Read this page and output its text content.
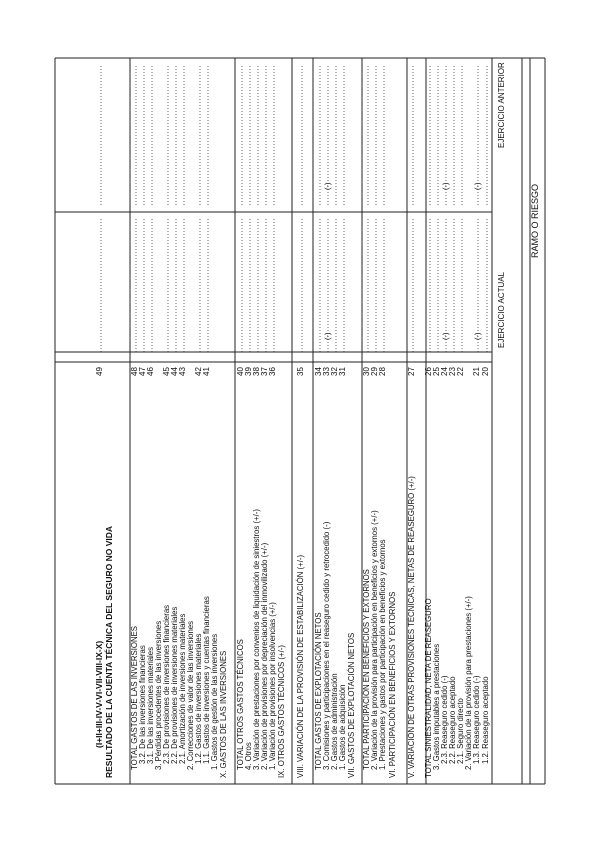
RAMO O RIESGO
EJERCICIO ACTUAL
EJERCICIO ANTERIOR
1.2. Reaseguro aceptado
20
1.3. Reaseguro cedido (-)
21
(-)
(-)
2. Variación de la provisión para prestaciones (+/-)
2.1. Seguro directo
22
2.2. Reaseguro aceptado
23
2.3. Reaseguro cedido (-)
24
(-)
(-)
3. Gastos imputables a prestaciones
25
TOTAL SINIESTRALIDAD, NETA DE REASEGURO
26
V. VARIACIÓN DE OTRAS PROVISIONES TÉCNICAS, NETAS DE REASEGURO (+/-)
27
VI. PARTICIPACIÓN EN BENEFICIOS Y EXTORNOS
1. Prestaciones y gastos por participación en beneficios y extornos
28
2. Variación de la provisión para participación en beneficios y extornos (+/-)
29
TOTAL PARTICIPACIÓN EN BENEFICIOS Y EXTORNOS
30
VII. GASTOS DE EXPLOTACIÓN NETOS
1. Gastos de adquisición
31
2. Gastos de administración
32
3. Comisiones y participaciones en el reaseguro cedido y retrocedido (-)
33
(-)
(-)
TOTAL GASTOS DE EXPLOTACIÓN NETOS
34
VIII. VARIACIÓN DE LA PROVISIÓN DE ESTABILIZACIÓN (+/-)
35
IX. OTROS GASTOS TÉCNICOS (+/-)
1. Variación de provisiones por insolvencias (+/-)
36
2. Variación de provisiones por depreciación del inmovilizado (+/-)
37
3. Variación de prestaciones por convenios de liquidación de siniestros (+/-)
38
4. Otros
39
TOTAL OTROS GASTOS TÉCNICOS
40
X. GASTOS DE LAS INVERSIONES
1. Gastos de gestión de las inversiones
1.1. Gastos de inversiones y cuentas financieras
41
1.2. Gastos de inversiones materiales
42
2. Correcciones de valor de las inversiones
2.1. Amortización de inversiones materiales
43
2.2. De provisiones de inversiones materiales
44
2.3. De provisiones de inversiones financieras
45
3. Pérdidas procedentes de las inversiones
3.1. De las inversiones materiales
46
3.2. De las inversiones financieras
47
TOTAL GASTOS DE LAS INVERSIONES
48
RESULTADO DE LA CUENTA TÉCNICA DEL SEGURO NO VIDA
(I+II+III-IV-V-VI-VII-VIII-IX-X)
49
